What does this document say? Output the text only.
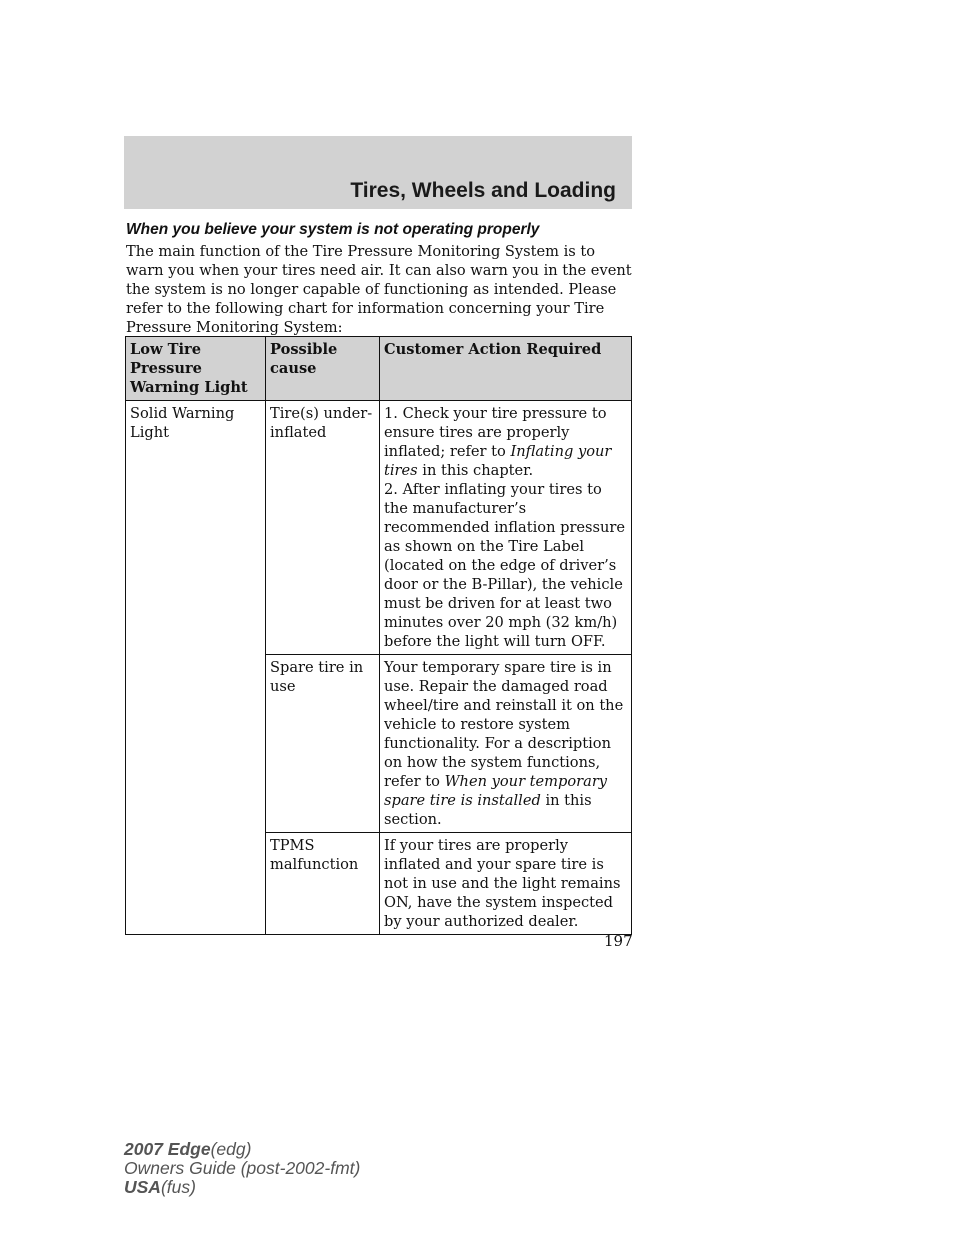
Tires, Wheels and Loading
When you believe your system is not operating properly
The main function of the Tire Pressure Monitoring System is to warn you when your tires need air. It can also warn you in the event the system is no longer capable of functioning as intended. Please refer to the following chart for information concerning your Tire Pressure Monitoring System:
Low Tire Pressure Warning Light	Possible cause	Customer Action Required
Solid Warning Light	Tire(s) under-inflated	1. Check your tire pressure to ensure tires are properly inflated; refer to Inflating your tires in this chapter.

2. After inflating your tires to the manufacturer’s recommended inflation pressure as shown on the Tire Label (located on the edge of driver’s door or the B-Pillar), the vehicle must be driven for at least two minutes over 20 mph (32 km/h) before the light will turn OFF.

	Spare tire in use	Your temporary spare tire is in use. Repair the damaged road wheel/tire and reinstall it on the vehicle to restore system functionality. For a description on how the system functions, refer to When your temporary spare tire is installed in this section.
	TPMS malfunction	If your tires are properly inflated and your spare tire is not in use and the light remains ON, have the system inspected by your authorized dealer.
197
2007 Edge(edg)
Owners Guide (post-2002-fmt)
USA(fus)
